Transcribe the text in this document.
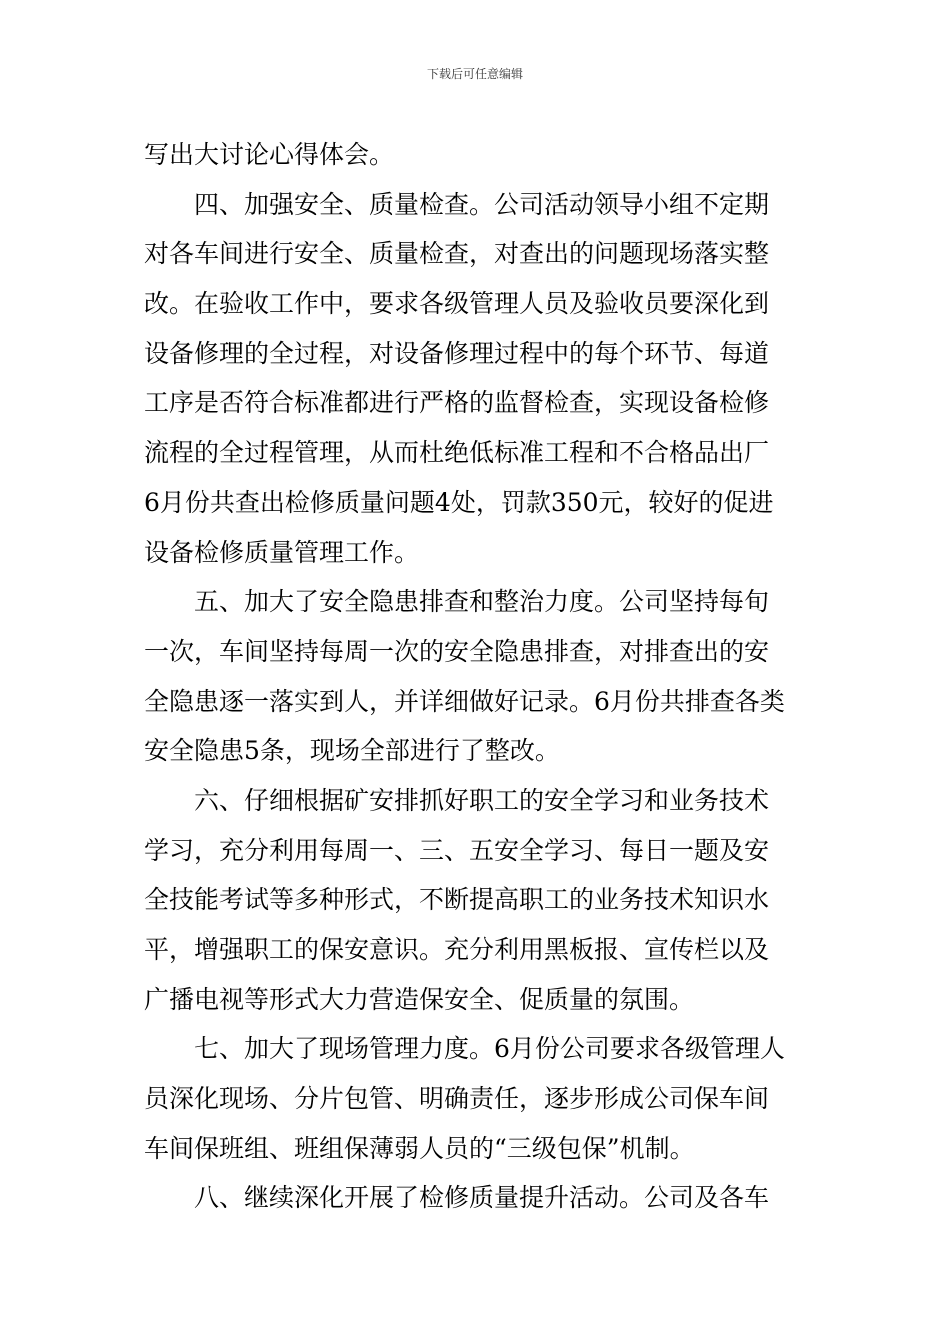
下载后可任意编辑
写出大讨论心得体会。
四、加强安全、质量检查。公司活动领导小组不定期
对各车间进行安全、质量检查，对查出的问题现场落实整
改。在验收工作中，要求各级管理人员及验收员要深化到
设备修理的全过程，对设备修理过程中的每个环节、每道
工序是否符合标准都进行严格的监督检查，实现设备检修
流程的全过程管理，从而杜绝低标准工程和不合格品出厂
6月份共查出检修质量问题4处，罚款350元，较好的促进
设备检修质量管理工作。
五、加大了安全隐患排查和整治力度。公司坚持每旬
一次，车间坚持每周一次的安全隐患排查，对排查出的安
全隐患逐一落实到人，并详细做好记录。6月份共排查各类
安全隐患5条，现场全部进行了整改。
六、仔细根据矿安排抓好职工的安全学习和业务技术
学习，充分利用每周一、三、五安全学习、每日一题及安
全技能考试等多种形式，不断提高职工的业务技术知识水
平，增强职工的保安意识。充分利用黑板报、宣传栏以及
广播电视等形式大力营造保安全、促质量的氛围。
七、加大了现场管理力度。6月份公司要求各级管理人
员深化现场、分片包管、明确责任，逐步形成公司保车间
车间保班组、班组保薄弱人员的“三级包保”机制。
八、继续深化开展了检修质量提升活动。公司及各车
